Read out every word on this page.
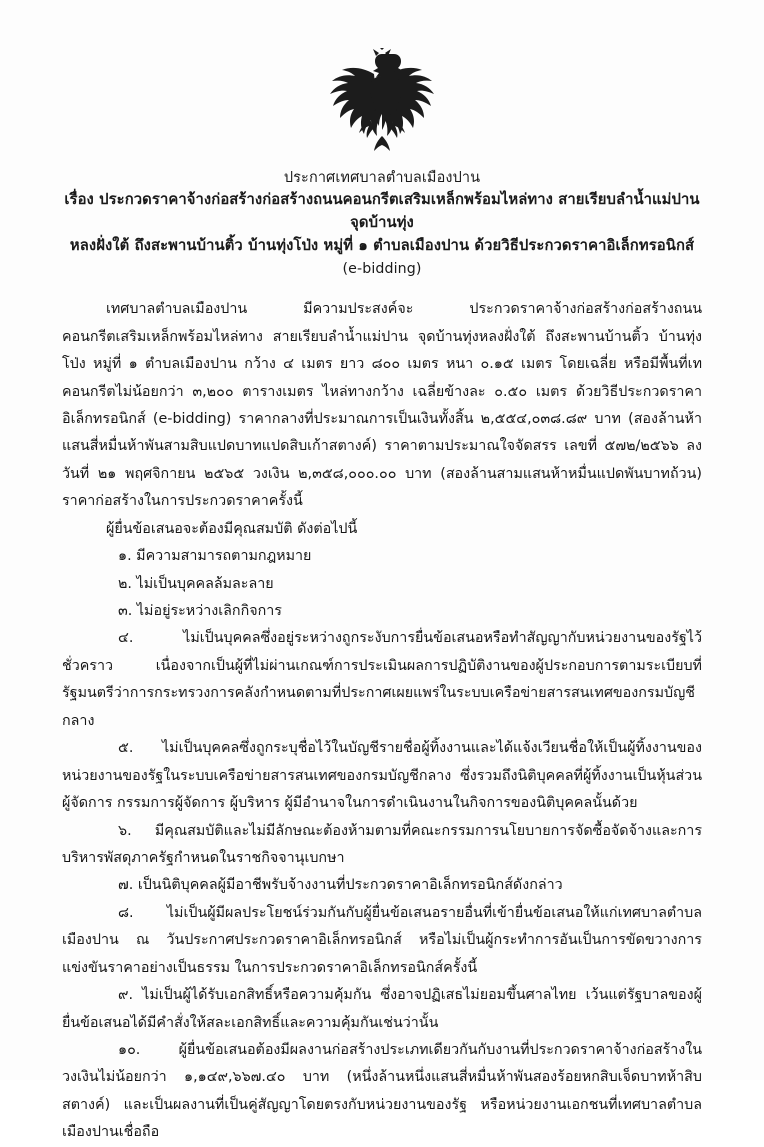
ประกาศเทศบาลตำบลเมืองปาน
เรื่อง ประกวดราคาจ้างก่อสร้างก่อสร้างถนนคอนกรีตเสริมเหล็กพร้อมไหล่ทาง สายเรียบลำน้ำแม่ปาน จุดบ้านทุ่ง
หลงฝั่งใต้ ถึงสะพานบ้านติ้ว บ้านทุ่งโป่ง หมู่ที่ ๑ ตำบลเมืองปาน ด้วยวิธีประกวดราคาอิเล็กทรอนิกส์
(e-bidding)

เทศบาลตำบลเมืองปาน มีความประสงค์จะ ประกวดราคาจ้างก่อสร้างก่อสร้างถนนคอนกรีตเสริมเหล็กพร้อมไหล่ทาง สายเรียบลำน้ำแม่ปาน จุดบ้านทุ่งหลงฝั่งใต้ ถึงสะพานบ้านติ้ว บ้านทุ่งโป่ง หมู่ที่ ๑ ตำบลเมืองปาน กว้าง ๔ เมตร ยาว ๘๐๐ เมตร หนา ๐.๑๕ เมตร โดยเฉลี่ย หรือมีพื้นที่เทคอนกรีตไม่น้อยกว่า ๓,๒๐๐ ตารางเมตร ไหล่ทางกว้าง เฉลี่ยข้างละ ๐.๕๐ เมตร ด้วยวิธีประกวดราคาอิเล็กทรอนิกส์ (e-bidding) ราคากลางที่ประมาณการเป็นเงินทั้งสิ้น ๒,๕๕๔,๐๓๘.๘๙ บาท (สองล้านห้าแสนสี่หมื่นห้าพันสามสิบแปดบาทแปดสิบเก้าสตางค์) ราคาตามประมาณใจจัดสรร เลขที่ ๕๗๒/๒๕๖๖ ลงวันที่ ๒๑ พฤศจิกายน ๒๕๖๕ วงเงิน ๒,๓๕๘,๐๐๐.๐๐ บาท (สองล้านสามแสนห้าหมื่นแปดพันบาทถ้วน) ราคาก่อสร้างในการประกวดราคาครั้งนี้

ผู้ยื่นข้อเสนอจะต้องมีคุณสมบัติ ดังต่อไปนี้

๑. มีความสามารถตามกฎหมาย

๒. ไม่เป็นบุคคลล้มละลาย

๓. ไม่อยู่ระหว่างเลิกกิจการ

๔. ไม่เป็นบุคคลซึ่งอยู่ระหว่างถูกระงับการยื่นข้อเสนอหรือทำสัญญากับหน่วยงานของรัฐไว้ชั่วคราว เนื่องจากเป็นผู้ที่ไม่ผ่านเกณฑ์การประเมินผลการปฏิบัติงานของผู้ประกอบการตามระเบียบที่รัฐมนตรีว่าการกระทรวงการคลังกำหนดตามที่ประกาศเผยแพร่ในระบบเครือข่ายสารสนเทศของกรมบัญชีกลาง

๕. ไม่เป็นบุคคลซึ่งถูกระบุชื่อไว้ในบัญชีรายชื่อผู้ทิ้งงานและได้แจ้งเวียนชื่อให้เป็นผู้ทิ้งงานของหน่วยงานของรัฐในระบบเครือข่ายสารสนเทศของกรมบัญชีกลาง ซึ่งรวมถึงนิติบุคคลที่ผู้ทิ้งงานเป็นหุ้นส่วนผู้จัดการ กรรมการผู้จัดการ ผู้บริหาร ผู้มีอำนาจในการดำเนินงานในกิจการของนิติบุคคลนั้นด้วย

๖. มีคุณสมบัติและไม่มีลักษณะต้องห้ามตามที่คณะกรรมการนโยบายการจัดซื้อจัดจ้างและการบริหารพัสดุภาครัฐกำหนดในราชกิจจานุเบกษา

๗. เป็นนิติบุคคลผู้มีอาชีพรับจ้างงานที่ประกวดราคาอิเล็กทรอนิกส์ดังกล่าว

๘. ไม่เป็นผู้มีผลประโยชน์ร่วมกันกับผู้ยื่นข้อเสนอรายอื่นที่เข้ายื่นข้อเสนอให้แก่เทศบาลตำบลเมืองปาน ณ วันประกาศประกวดราคาอิเล็กทรอนิกส์ หรือไม่เป็นผู้กระทำการอันเป็นการขัดขวางการแข่งขันราคาอย่างเป็นธรรม ในการประกวดราคาอิเล็กทรอนิกส์ครั้งนี้

๙. ไม่เป็นผู้ได้รับเอกสิทธิ์หรือความคุ้มกัน ซึ่งอาจปฏิเสธไม่ยอมขึ้นศาลไทย เว้นแต่รัฐบาลของผู้ยื่นข้อเสนอได้มีคำสั่งให้สละเอกสิทธิ์และความคุ้มกันเช่นว่านั้น

๑๐. ผู้ยื่นข้อเสนอต้องมีผลงานก่อสร้างประเภทเดียวกันกับงานที่ประกวดราคาจ้างก่อสร้างในวงเงินไม่น้อยกว่า ๑,๑๔๙,๖๖๗.๔๐ บาท (หนึ่งล้านหนึ่งแสนสี่หมื่นห้าพันสองร้อยหกสิบเจ็ดบาทห้าสิบสตางค์) และเป็นผลงานที่เป็นคู่สัญญาโดยตรงกับหน่วยงานของรัฐ หรือหน่วยงานเอกชนที่เทศบาลตำบลเมืองปานเชื่อถือ
